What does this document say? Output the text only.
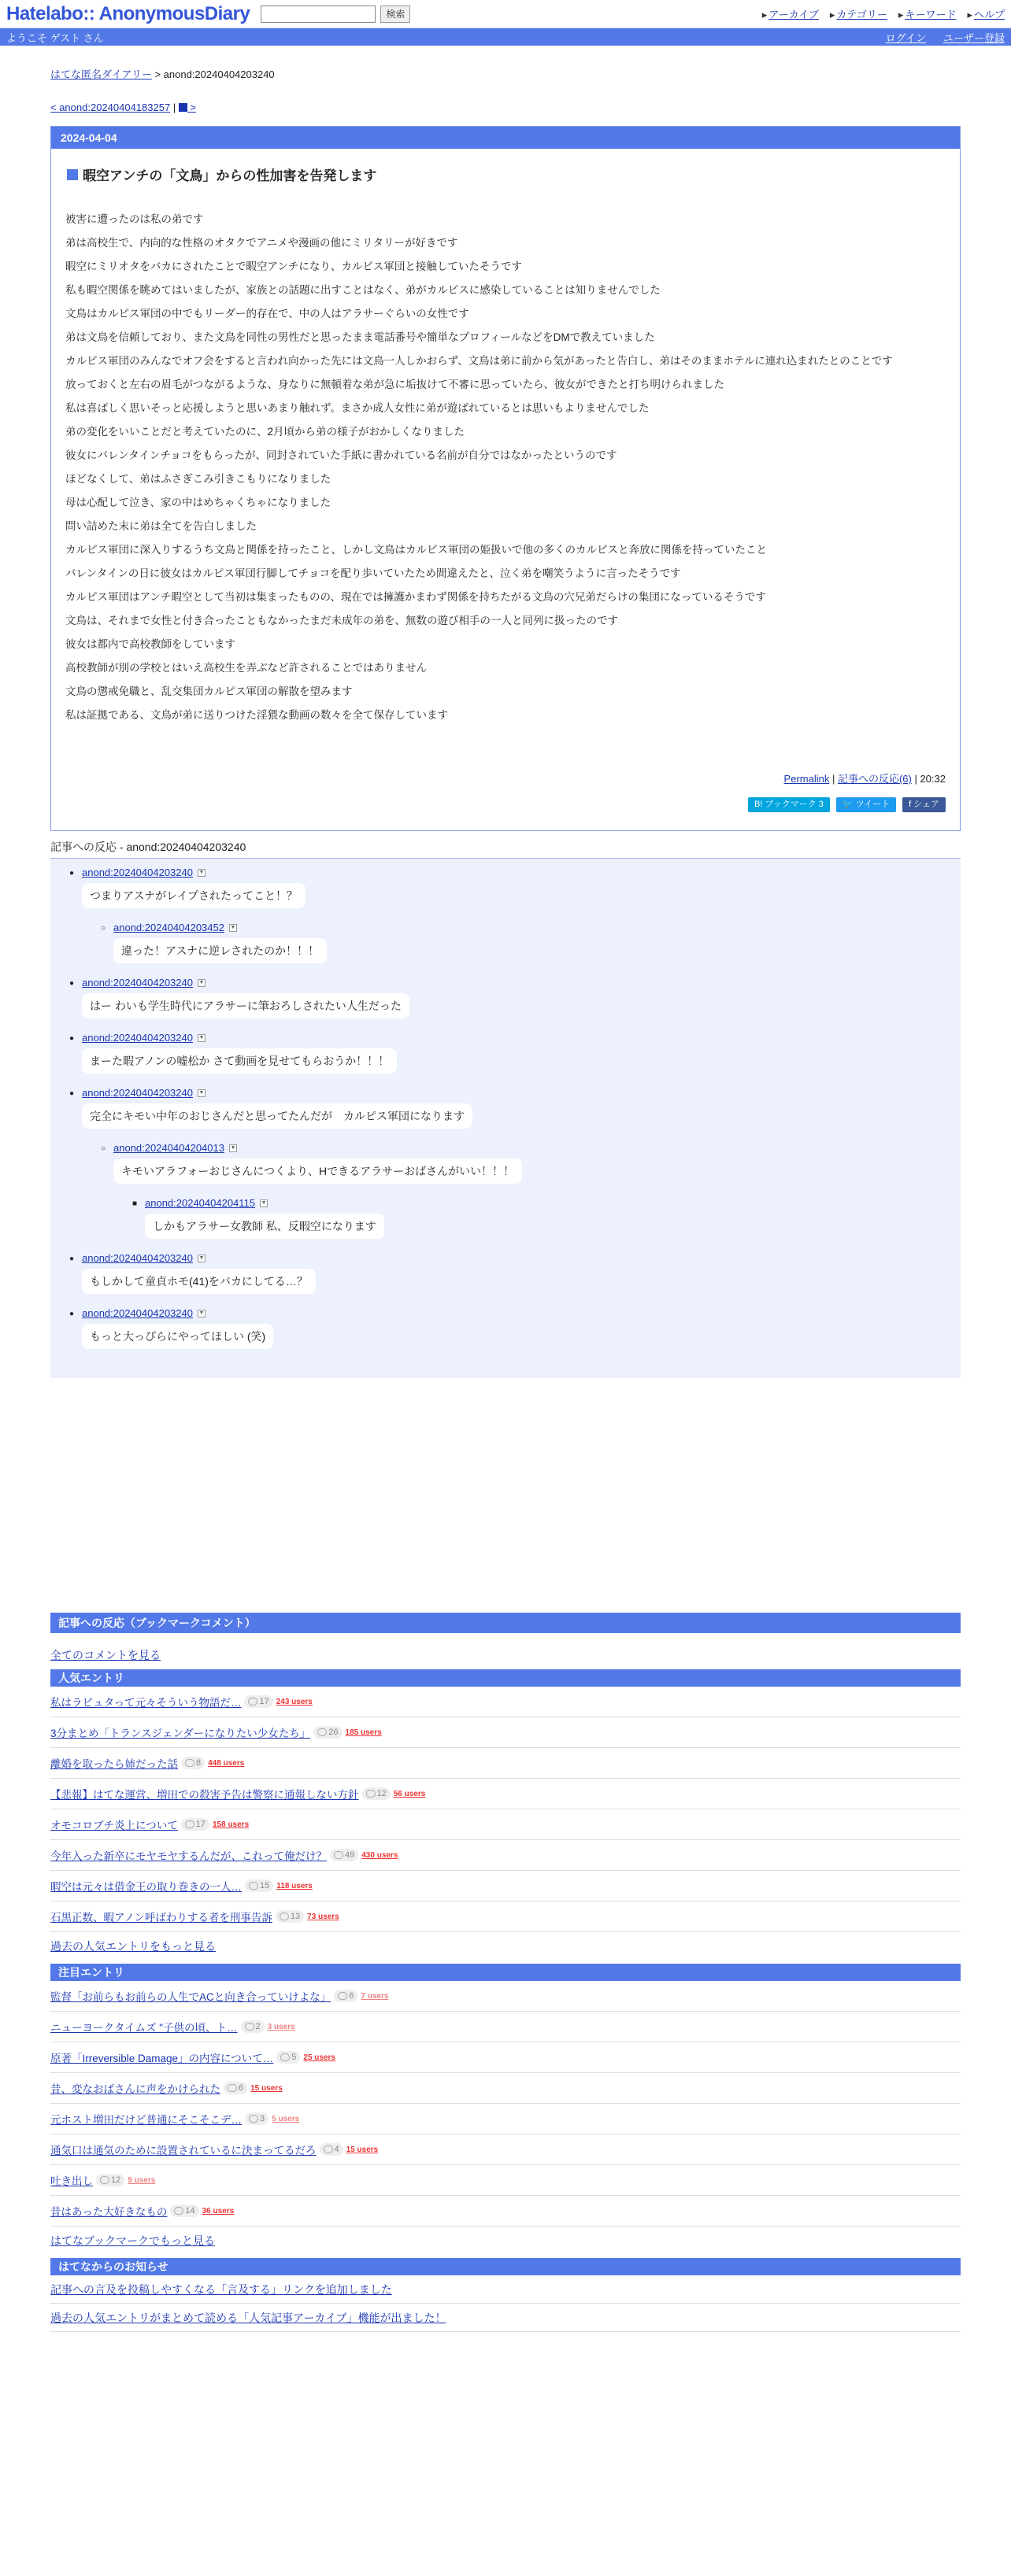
Hatelabo:: AnonymousDiary	検索	▸ アーカイブ	▸ カテゴリー	▸ キーワード	▸ ヘルプ
ようこそ ゲスト さん	ログイン ユーザー登録
はてな匿名ダイアリー > anond:20240404203240
< anond:20240404183257 |  >
2024-04-04
暇空アンチの「文鳥」からの性加害を告発します

被害に遭ったのは私の弟です

弟は高校生で、内向的な性格のオタクでアニメや漫画の他にミリタリーが好きです

暇空にミリオタをバカにされたことで暇空アンチになり、カルピス軍団と接触していたそうです

私も暇空関係を眺めてはいましたが、家族との話題に出すことはなく、弟がカルピスに感染していることは知りませんでした

文鳥はカルピス軍団の中でもリーダー的存在で、中の人はアラサーぐらいの女性です

弟は文鳥を信頼しており、また文鳥を同性の男性だと思ったまま電話番号や簡単なプロフィールなどをDMで教えていました

カルピス軍団のみんなでオフ会をすると言われ向かった先には文鳥一人しかおらず、文鳥は弟に前から気があったと告白し、弟はそのままホテルに連れ込まれたとのことです

放っておくと左右の眉毛がつながるような、身なりに無頓着な弟が急に垢抜けて不審に思っていたら、彼女ができたと打ち明けられました

私は喜ばしく思いそっと応援しようと思いあまり触れず。まさか成人女性に弟が遊ばれているとは思いもよりませんでした

弟の変化をいいことだと考えていたのに、2月頃から弟の様子がおかしくなりました

彼女にバレンタインチョコをもらったが、同封されていた手紙に書かれている名前が自分ではなかったというのです

ほどなくして、弟はふさぎこみ引きこもりになりました

母は心配して泣き、家の中はめちゃくちゃになりました

問い詰めた末に弟は全てを告白しました

カルピス軍団に深入りするうち文鳥と関係を持ったこと、しかし文鳥はカルピス軍団の姫扱いで他の多くのカルピスと奔放に関係を持っていたこと

バレンタインの日に彼女はカルピス軍団行脚してチョコを配り歩いていたため間違えたと、泣く弟を嘲笑うように言ったそうです

カルピス軍団はアンチ暇空として当初は集まったものの、現在では擁護かまわず関係を持ちたがる文鳥の穴兄弟だらけの集団になっているそうです

文鳥は、それまで女性と付き合ったこともなかったまだ未成年の弟を、無数の遊び相手の一人と同列に扱ったのです

彼女は都内で高校教師をしています

高校教師が別の学校とはいえ高校生を弄ぶなど許されることではありません

文鳥の懲戒免職と、乱交集団カルピス軍団の解散を望みます

私は証拠である、文鳥が弟に送りつけた淫猥な動画の数々を全て保存しています

Permalink | 記事への反応(6) | 20:32
B! ブックマーク 3	🐦 ツイート	f シェア
記事への反応 - anond:20240404203240
● anond:20240404203240 ▼
つまりアスナがレイプされたってこと！？
○ anond:20240404203452 ▼
違った！アスナに逆レされたのか！！！
● anond:20240404203240 ▼
はー わいも学生時代にアラサーに筆おろしされたい人生だった
● anond:20240404203240 ▼
まーた暇アノンの嘘松か さて動画を見せてもらおうか！！！
● anond:20240404203240 ▼
完全にキモい中年のおじさんだと思ってたんだが　カルピス軍団になります
○ anond:20240404204013 ▼
キモいアラフォーおじさんにつくより、Hできるアラサーおばさんがいい！！！
■ anond:20240404204115 ▼
しかもアラサー女教師 私、反暇空になります
● anond:20240404203240 ▼
もしかして童貞ホモ(41)をバカにしてる…？
● anond:20240404203240 ▼
もっと大っぴらにやってほしい (笑)
記事への反応（ブックマークコメント）
全てのコメントを見る
人気エントリ
私はラピュタって元々そういう物語だ… 17 243 users
3分まとめ「トランスジェンダーになりたい少女たち」 26 185 users
離婚を取ったら姉だった話 8 448 users
【悲報】はてな運営、増田での殺害予告は警察に通報しない方針 12 56 users
オモコロブチ炎上について 17 158 users
今年入った新卒にモヤモヤするんだが、これって俺だけ？ 49 430 users
暇空は元々は借金王の取り巻きの一人… 15 118 users
石黒正数、暇アノン呼ばわりする者を刑事告訴 13 73 users
過去の人気エントリをもっと見る
注目エントリ
監督「お前らもお前らの人生でACと向き合っていけよな」 6 7 users
ニューヨークタイムズ "子供の頃、ト… 2 3 users
原著「Irreversible Damage」の内容について… 5 25 users
昔、変なおばさんに声をかけられた 6 15 users
元ホスト増田だけど普通にそこそこデ… 3 5 users
通気口は通気のために設置されているに決まってるだろ 4 15 users
吐き出し 12 9 users
昔はあった大好きなもの 14 36 users
はてなブックマークでもっと見る
はてなからのお知らせ
記事への言及を投稿しやすくなる「言及する」リンクを追加しました
過去の人気エントリがまとめて読める「人気記事アーカイブ」機能が出ました！
